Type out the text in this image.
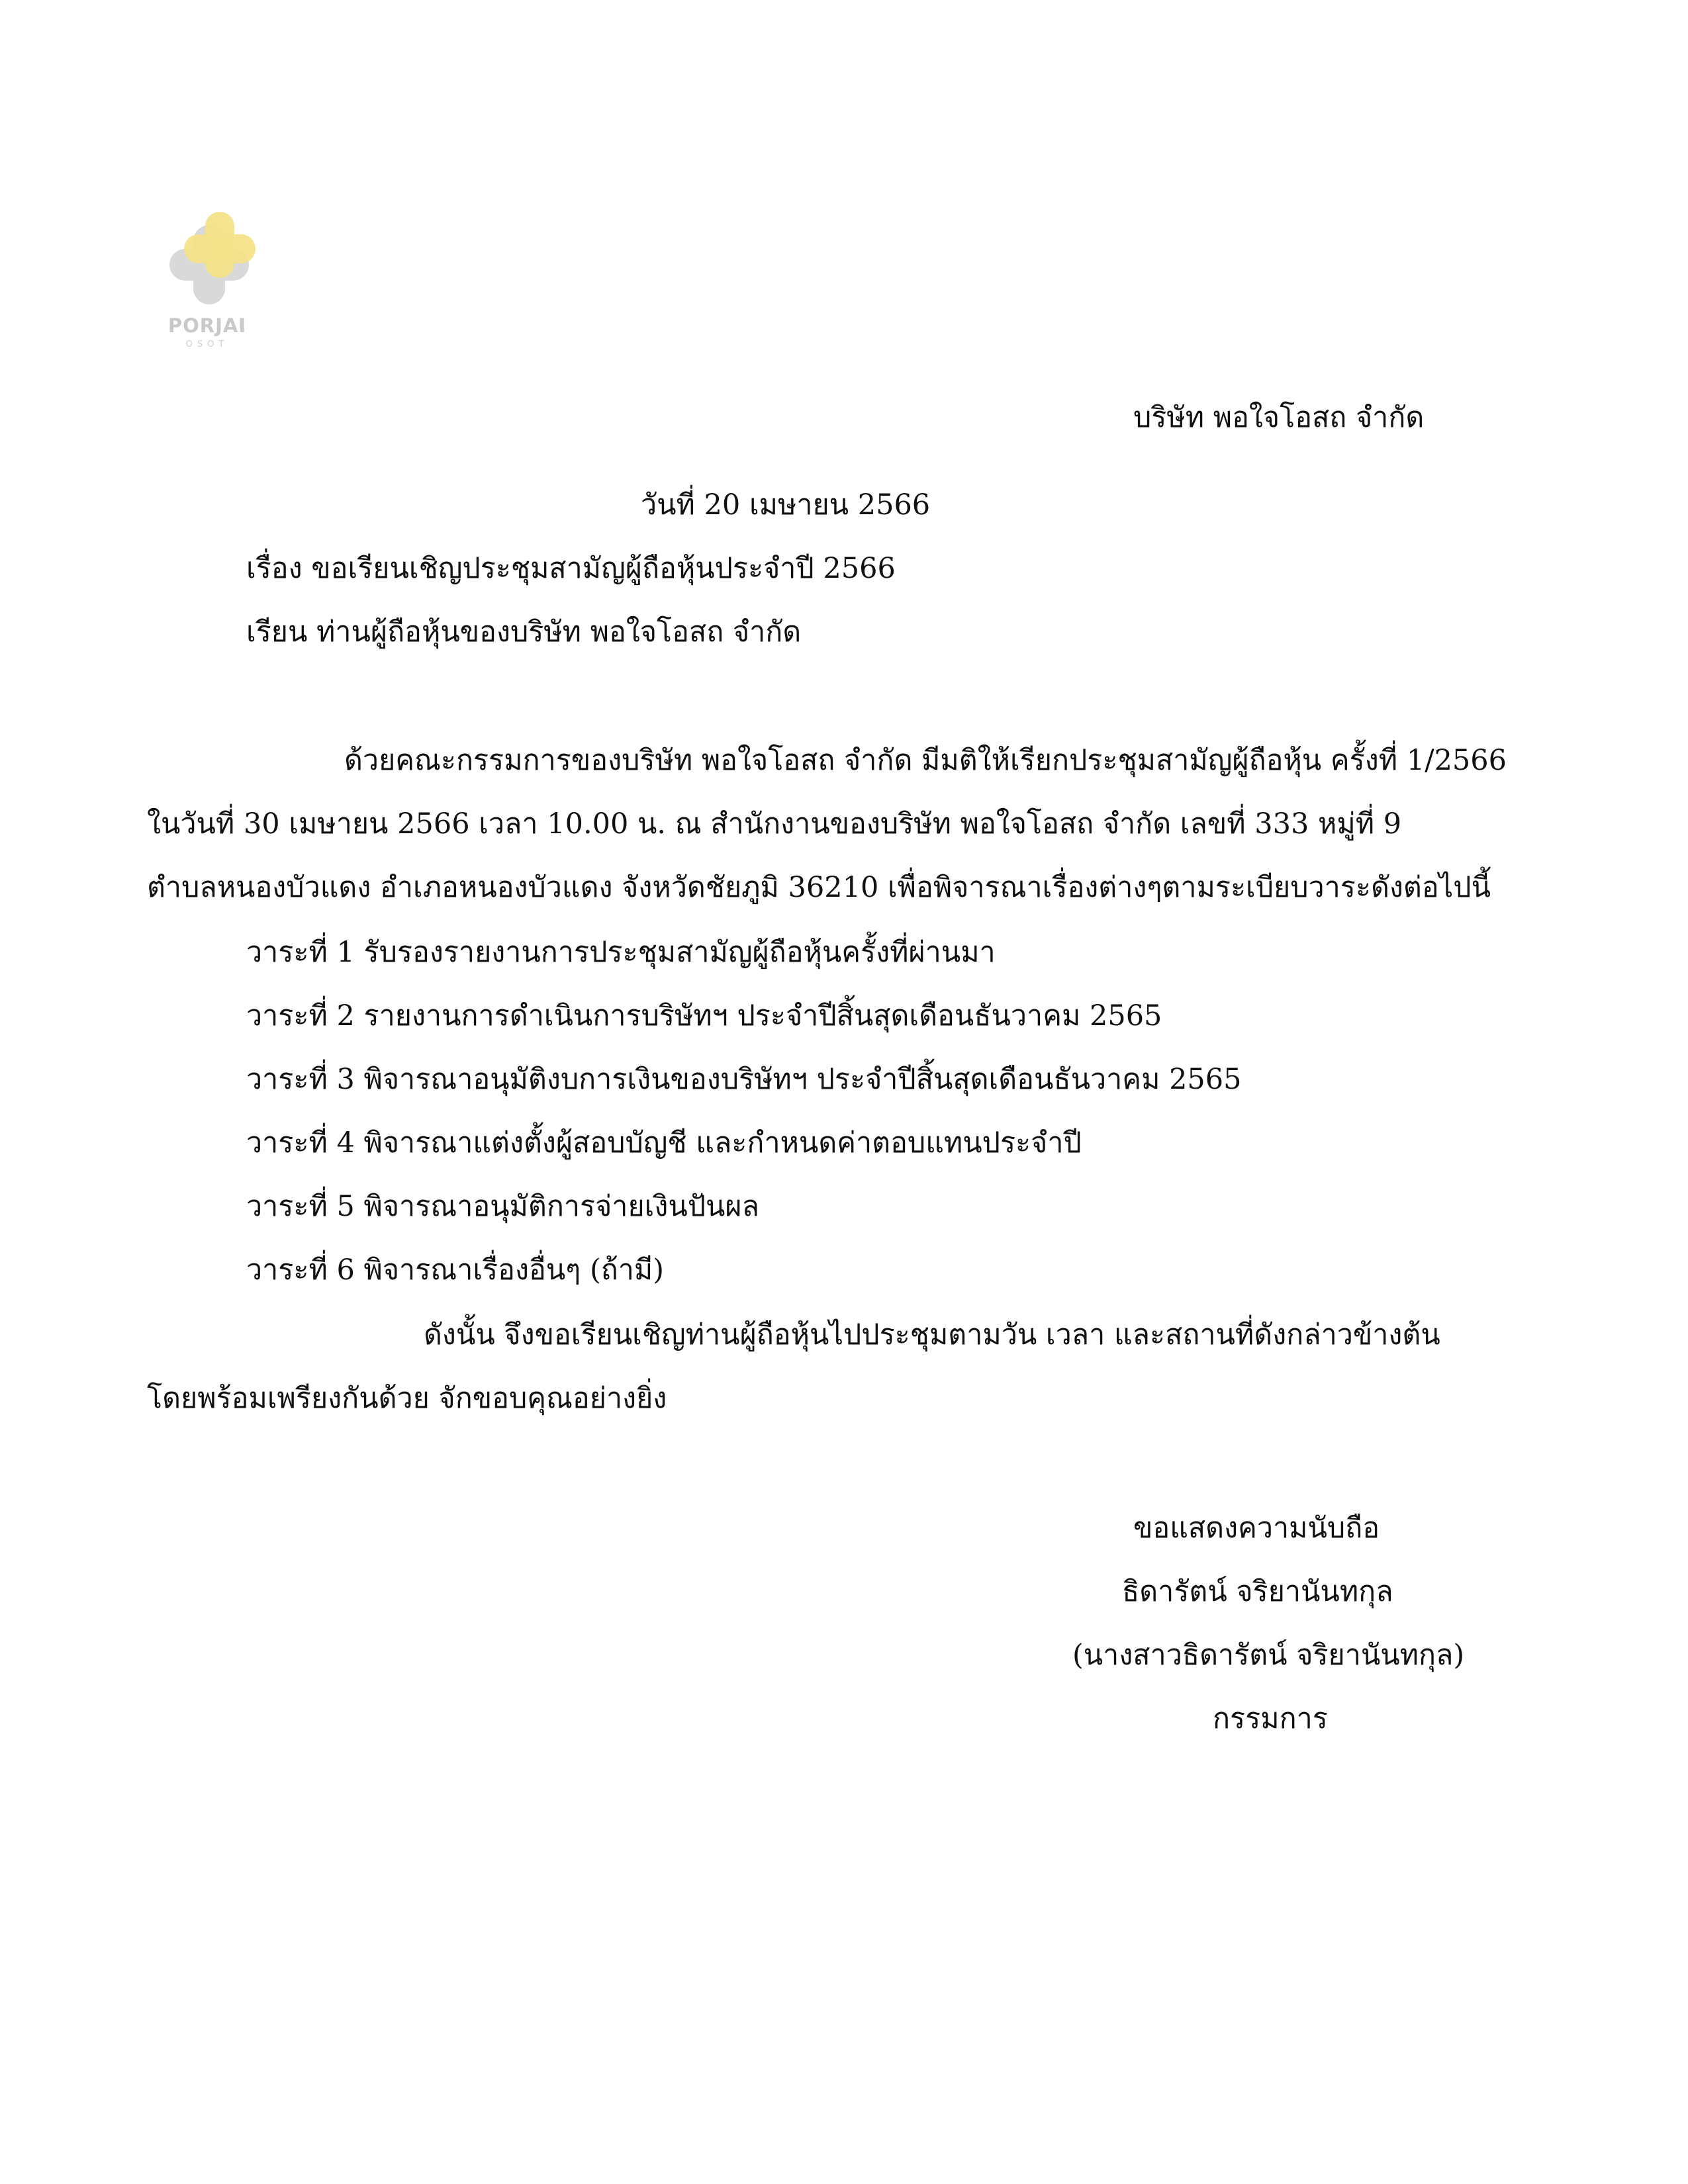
PORJAI
OSOT
บริษัท พอใจโอสถ จำกัด
วันที่ 20 เมษายน 2566
เรื่อง ขอเรียนเชิญประชุมสามัญผู้ถือหุ้นประจำปี 2566
เรียน ท่านผู้ถือหุ้นของบริษัท พอใจโอสถ จำกัด
ด้วยคณะกรรมการของบริษัท พอใจโอสถ จำกัด มีมติให้เรียกประชุมสามัญผู้ถือหุ้น ครั้งที่ 1/2566
ในวันที่ 30 เมษายน 2566 เวลา 10.00 น. ณ สำนักงานของบริษัท พอใจโอสถ จำกัด เลขที่ 333 หมู่ที่ 9
ตำบลหนองบัวแดง อำเภอหนองบัวแดง จังหวัดชัยภูมิ 36210 เพื่อพิจารณาเรื่องต่างๆตามระเบียบวาระดังต่อไปนี้
วาระที่ 1 รับรองรายงานการประชุมสามัญผู้ถือหุ้นครั้งที่ผ่านมา
วาระที่ 2 รายงานการดำเนินการบริษัทฯ ประจำปีสิ้นสุดเดือนธันวาคม 2565
วาระที่ 3 พิจารณาอนุมัติงบการเงินของบริษัทฯ ประจำปีสิ้นสุดเดือนธันวาคม 2565
วาระที่ 4 พิจารณาแต่งตั้งผู้สอบบัญชี และกำหนดค่าตอบแทนประจำปี
วาระที่ 5 พิจารณาอนุมัติการจ่ายเงินปันผล
วาระที่ 6 พิจารณาเรื่องอื่นๆ (ถ้ามี)
ดังนั้น จึงขอเรียนเชิญท่านผู้ถือหุ้นไปประชุมตามวัน เวลา และสถานที่ดังกล่าวข้างต้น
โดยพร้อมเพรียงกันด้วย จักขอบคุณอย่างยิ่ง
ขอแสดงความนับถือ
ธิดารัตน์ จริยานันทกุล
(นางสาวธิดารัตน์ จริยานันทกุล)
กรรมการ
